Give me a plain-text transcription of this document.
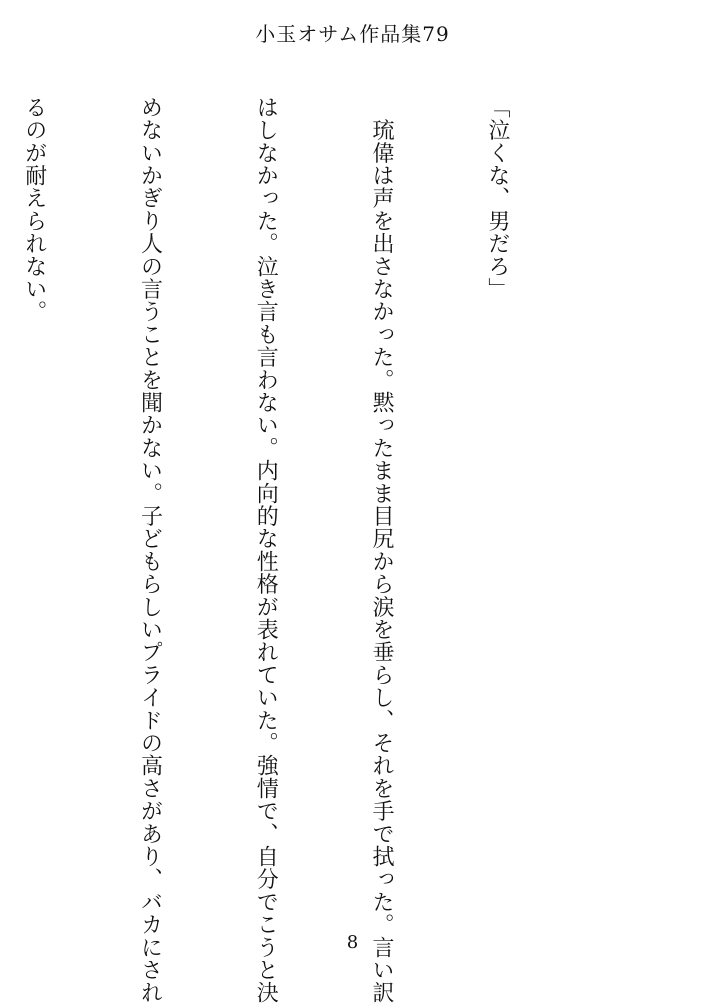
小玉オサム作品集79

「泣くな、男だろ」

　琉偉は声を出さなかった。黙ったまま目尻から涙を垂らし、それを手で拭った。言い訳

はしなかった。泣き言も言わない。内向的な性格が表れていた。強情で、自分でこうと決

めないかぎり人の言うことを聞かない。子どもらしいプライドの高さがあり、バカにされ

るのが耐えられない。

8
